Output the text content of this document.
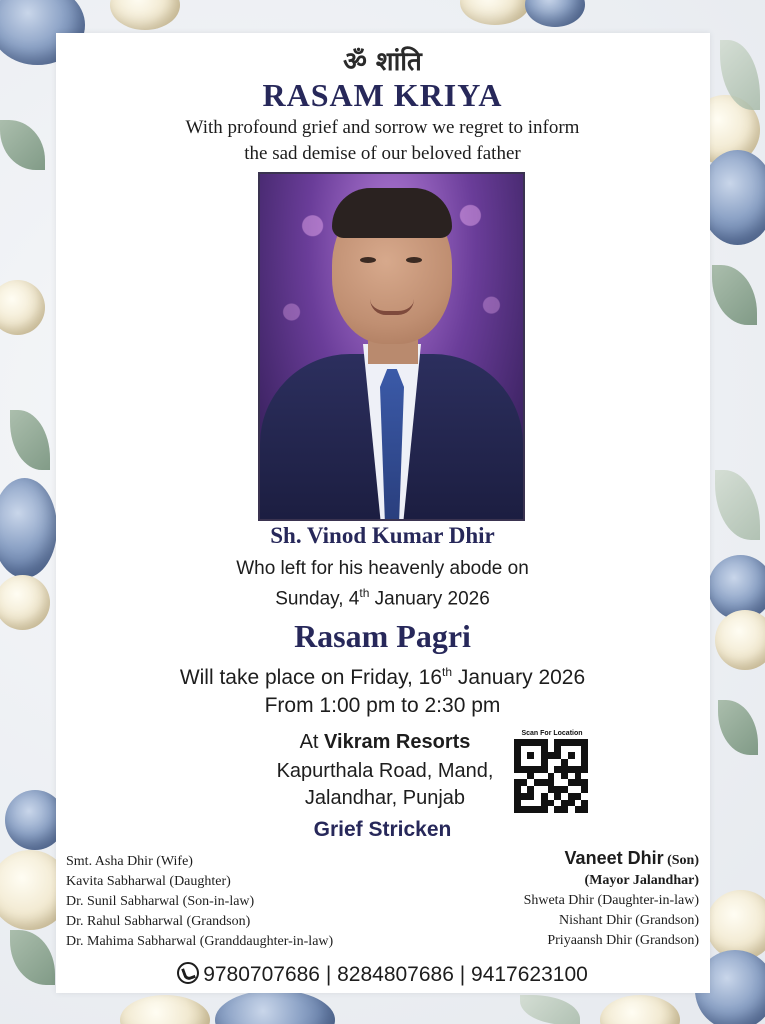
ॐ शांति
RASAM KRIYA
With profound grief and sorrow we regret to inform
the sad demise of our beloved father
Sh. Vinod Kumar Dhir
Who left for his heavenly abode on
Sunday, 4th January 2026
Rasam Pagri
Will take place on Friday, 16th January 2026
From 1:00 pm to 2:30 pm
At Vikram Resorts
Kapurthala Road, Mand,
Jalandhar, Punjab
Scan For Location
Grief Stricken
Smt. Asha Dhir (Wife)
Kavita Sabharwal (Daughter)
Dr. Sunil Sabharwal (Son-in-law)
Dr. Rahul Sabharwal (Grandson)
Dr. Mahima Sabharwal (Granddaughter-in-law)
Vaneet Dhir (Son)
(Mayor Jalandhar)
Shweta Dhir (Daughter-in-law)
Nishant Dhir (Grandson)
Priyaansh Dhir (Grandson)
9780707686 | 8284807686 | 9417623100
